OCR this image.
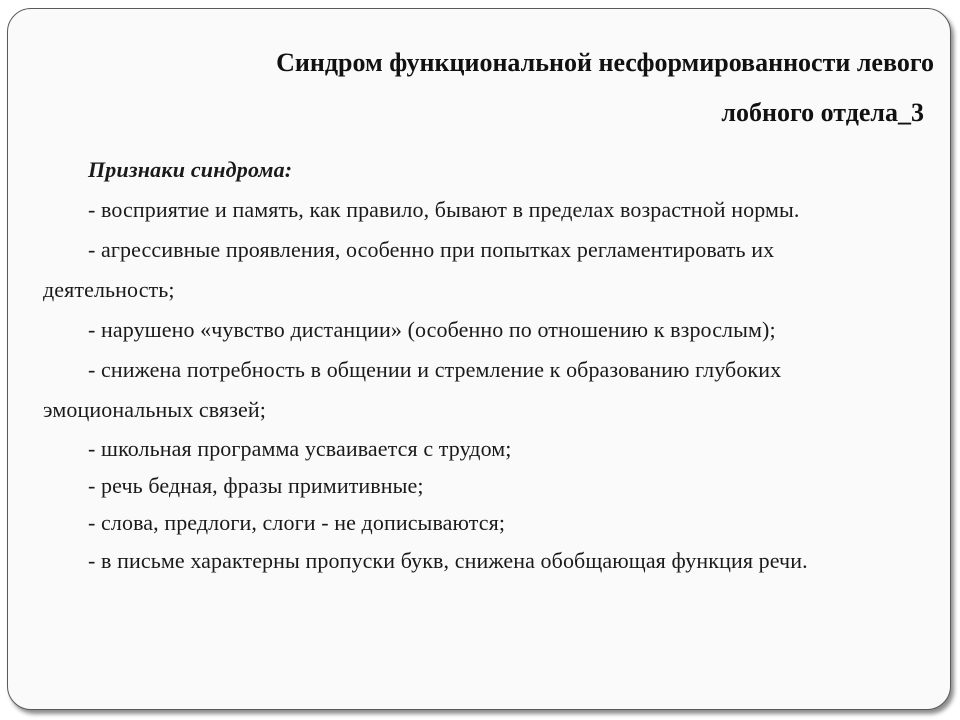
Синдром функциональной несформированности левого
лобного отдела_3
Признаки синдрома:

- восприятие и память, как правило, бывают в пределах возрастной нормы.

- агрессивные проявления, особенно при попытках регламентировать их деятельность;

- нарушено «чувство дистанции» (особенно по отношению к взрослым);

- снижена потребность в общении и стремление к образованию глубоких эмоциональных связей;

- школьная программа усваивается с трудом;

- речь бедная, фразы примитивные;

- слова, предлоги, слоги - не дописываются;

- в письме характерны пропуски букв, снижена обобщающая функция речи.
